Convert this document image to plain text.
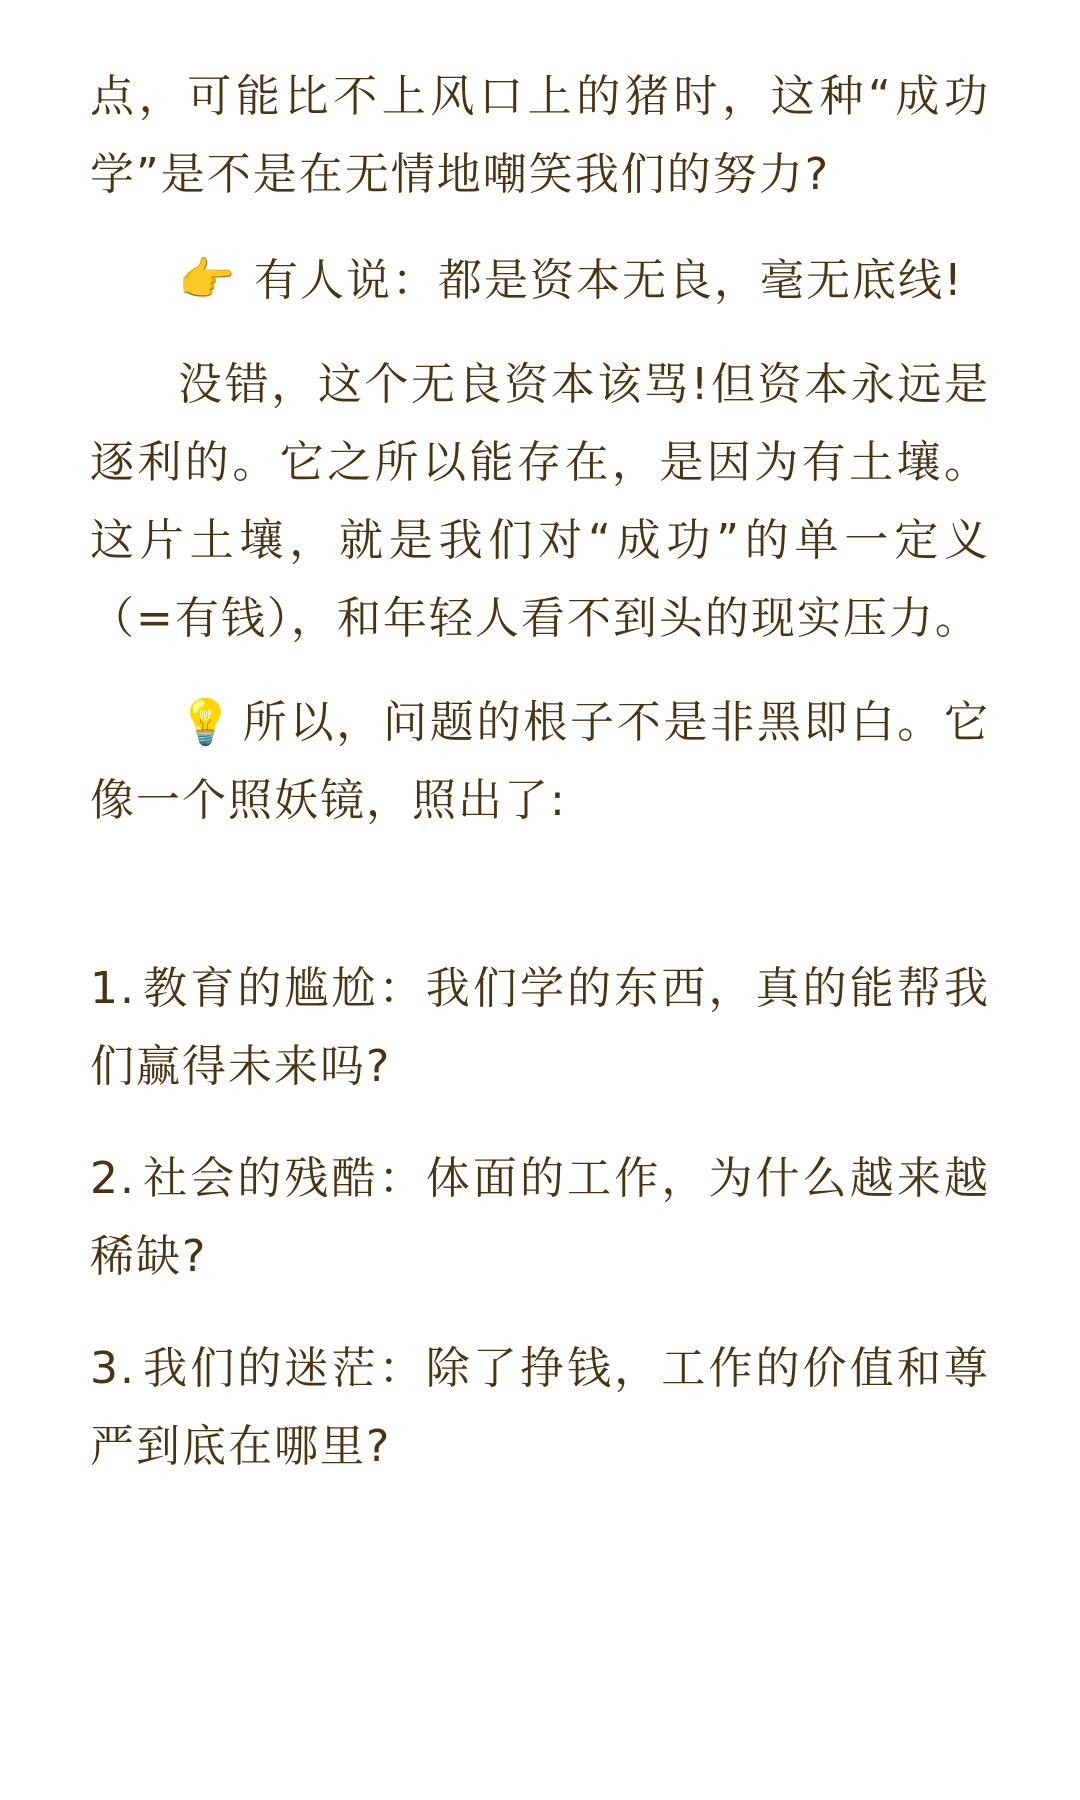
点，可能比不上风口上的猪时，这种“成功学”是不是在无情地嘲笑我们的努力?

👉 有人说：都是资本无良，毫无底线!

没错，这个无良资本该骂!但资本永远是逐利的。它之所以能存在，是因为有土壤。这片土壤，就是我们对“成功”的单一定义（=有钱），和年轻人看不到头的现实压力。

💡 所以，问题的根子不是非黑即白。它像一个照妖镜，照出了:

1. 教育的尴尬：我们学的东西，真的能帮我们赢得未来吗?

2. 社会的残酷：体面的工作，为什么越来越稀缺?

3. 我们的迷茫：除了挣钱，工作的价值和尊严到底在哪里?
